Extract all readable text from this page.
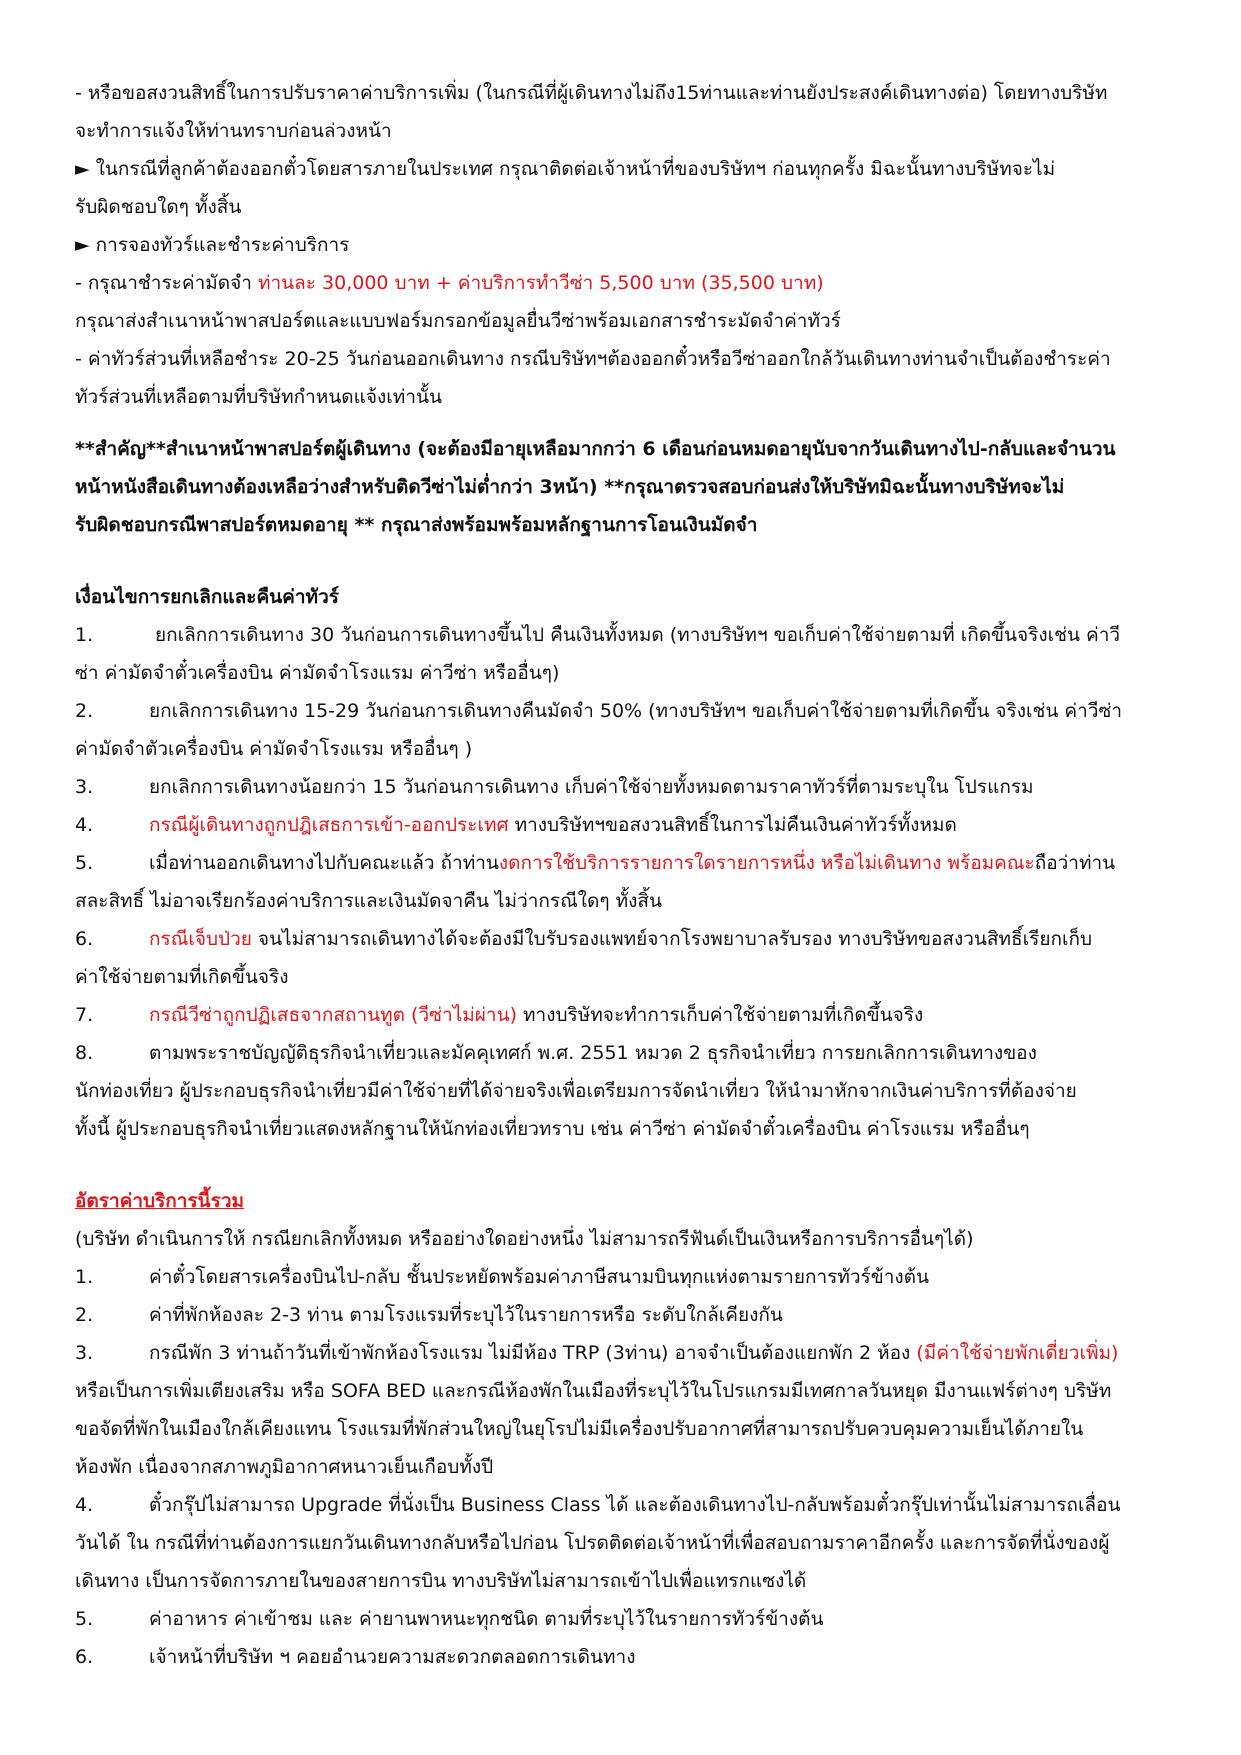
- หรือขอสงวนสิทธิ์ในการปรับราคาค่าบริการเพิ่ม (ในกรณีที่ผู้เดินทางไม่ถึง15ท่านและท่านยังประสงค์เดินทางต่อ) โดยทางบริษัท

จะทำการแจ้งให้ท่านทราบก่อนล่วงหน้า

► ในกรณีที่ลูกค้าต้องออกตั๋วโดยสารภายในประเทศ กรุณาติดต่อเจ้าหน้าที่ของบริษัทฯ ก่อนทุกครั้ง มิฉะนั้นทางบริษัทจะไม่

รับผิดชอบใดๆ ทั้งสิ้น

► การจองทัวร์และชำระค่าบริการ

- กรุณาชำระค่ามัดจำ ท่านละ 30,000 บาท + ค่าบริการทำวีซ่า 5,500 บาท (35,500 บาท)

กรุณาส่งสำเนาหน้าพาสปอร์ตและแบบฟอร์มกรอกข้อมูลยื่นวีซ่าพร้อมเอกสารชำระมัดจำค่าทัวร์

- ค่าทัวร์ส่วนที่เหลือชำระ 20-25 วันก่อนออกเดินทาง กรณีบริษัทฯต้องออกตั๋วหรือวีซ่าออกใกล้วันเดินทางท่านจำเป็นต้องชำระค่า

ทัวร์ส่วนที่เหลือตามที่บริษัทกำหนดแจ้งเท่านั้น

**สำคัญ**สำเนาหน้าพาสปอร์ตผู้เดินทาง (จะต้องมีอายุเหลือมากกว่า 6 เดือนก่อนหมดอายุนับจากวันเดินทางไป-กลับและจำนวน

หน้าหนังสือเดินทางต้องเหลือว่างสำหรับติดวีซ่าไม่ต่ำกว่า 3หน้า) **กรุณาตรวจสอบก่อนส่งให้บริษัทมิฉะนั้นทางบริษัทจะไม่

รับผิดชอบกรณีพาสปอร์ตหมดอายุ ** กรุณาส่งพร้อมพร้อมหลักฐานการโอนเงินมัดจำ

เงื่อนไขการยกเลิกและคืนค่าทัวร์

1.	ยกเลิกการเดินทาง 30 วันก่อนการเดินทางขึ้นไป คืนเงินทั้งหมด (ทางบริษัทฯ ขอเก็บค่าใช้จ่ายตามที่ เกิดขึ้นจริงเช่น ค่าวี

ซ่า ค่ามัดจำตั๋วเครื่องบิน ค่ามัดจำโรงแรม ค่าวีซ่า หรืออื่นๆ)

2.	ยกเลิกการเดินทาง 15-29 วันก่อนการเดินทางคืนมัดจำ 50% (ทางบริษัทฯ ขอเก็บค่าใช้จ่ายตามที่เกิดขึ้น จริงเช่น ค่าวีซ่า

ค่ามัดจำตัวเครื่องบิน ค่ามัดจำโรงแรม หรืออื่นๆ )

3.	ยกเลิกการเดินทางน้อยกว่า 15 วันก่อนการเดินทาง เก็บค่าใช้จ่ายทั้งหมดตามราคาทัวร์ที่ตามระบุใน โปรแกรม

4.	กรณีผู้เดินทางถูกปฎิเสธการเข้า-ออกประเทศ ทางบริษัทฯขอสงวนสิทธิ์ในการไม่คืนเงินค่าทัวร์ทั้งหมด

5.	เมื่อท่านออกเดินทางไปกับคณะแล้ว ถ้าท่านงดการใช้บริการรายการใดรายการหนึ่ง หรือไม่เดินทาง พร้อมคณะถือว่าท่าน

สละสิทธิ์ ไม่อาจเรียกร้องค่าบริการและเงินมัดจาคืน ไม่ว่ากรณีใดๆ ทั้งสิ้น

6.	กรณีเจ็บป่วย จนไม่สามารถเดินทางได้จะต้องมีใบรับรองแพทย์จากโรงพยาบาลรับรอง ทางบริษัทขอสงวนสิทธิ์เรียกเก็บ

ค่าใช้จ่ายตามที่เกิดขึ้นจริง

7.	กรณีวีซ่าถูกปฏิเสธจากสถานทูต (วีซ่าไม่ผ่าน) ทางบริษัทจะทำการเก็บค่าใช้จ่ายตามที่เกิดขึ้นจริง

8.	ตามพระราชบัญญัติธุรกิจนำเที่ยวและมัคคุเทศก์ พ.ศ. 2551 หมวด 2 ธุรกิจนำเที่ยว การยกเลิกการเดินทางของ

นักท่องเที่ยว ผู้ประกอบธุรกิจนำเที่ยวมีค่าใช้จ่ายที่ได้จ่ายจริงเพื่อเตรียมการจัดนำเที่ยว ให้นำมาหักจากเงินค่าบริการที่ต้องจ่าย

ทั้งนี้ ผู้ประกอบธุรกิจนำเที่ยวแสดงหลักฐานให้นักท่องเที่ยวทราบ เช่น ค่าวีซ่า ค่ามัดจำตั๋วเครื่องบิน ค่าโรงแรม หรืออื่นๆ

อัตราค่าบริการนี้รวม

(บริษัท ดำเนินการให้ กรณียกเลิกทั้งหมด หรืออย่างใดอย่างหนึ่ง ไม่สามารถรีฟันด์เป็นเงินหรือการบริการอื่นๆได้)

1.	ค่าตั๋วโดยสารเครื่องบินไป-กลับ ชั้นประหยัดพร้อมค่าภาษีสนามบินทุกแห่งตามรายการทัวร์ข้างต้น

2.	ค่าที่พักห้องละ 2-3 ท่าน ตามโรงแรมที่ระบุไว้ในรายการหรือ ระดับใกล้เคียงกัน

3.	กรณีพัก 3 ท่านถ้าวันที่เข้าพักห้องโรงแรม ไม่มีห้อง TRP (3ท่าน) อาจจำเป็นต้องแยกพัก 2 ห้อง (มีค่าใช้จ่ายพักเดี่ยวเพิ่ม)

หรือเป็นการเพิ่มเตียงเสริม หรือ SOFA BED และกรณีห้องพักในเมืองที่ระบุไว้ในโปรแกรมมีเทศกาลวันหยุด มีงานแฟร์ต่างๆ บริษัท

ขอจัดที่พักในเมืองใกล้เคียงแทน โรงแรมที่พักส่วนใหญ่ในยุโรปไม่มีเครื่องปรับอากาศที่สามารถปรับควบคุมความเย็นได้ภายใน

ห้องพัก เนื่องจากสภาพภูมิอากาศหนาวเย็นเกือบทั้งปี

4.	ตั๋วกรุ๊ปไม่สามารถ Upgrade ที่นั่งเป็น Business Class ได้ และต้องเดินทางไป-กลับพร้อมตั๋วกรุ๊ปเท่านั้นไม่สามารถเลื่อน

วันได้ ใน กรณีที่ท่านต้องการแยกวันเดินทางกลับหรือไปก่อน โปรดติดต่อเจ้าหน้าที่เพื่อสอบถามราคาอีกครั้ง และการจัดที่นั่งของผู้

เดินทาง เป็นการจัดการภายในของสายการบิน ทางบริษัทไม่สามารถเข้าไปเพื่อแทรกแซงได้

5.	ค่าอาหาร ค่าเข้าชม และ ค่ายานพาหนะทุกชนิด ตามที่ระบุไว้ในรายการทัวร์ข้างต้น

6.	เจ้าหน้าที่บริษัท ฯ คอยอำนวยความสะดวกตลอดการเดินทาง
